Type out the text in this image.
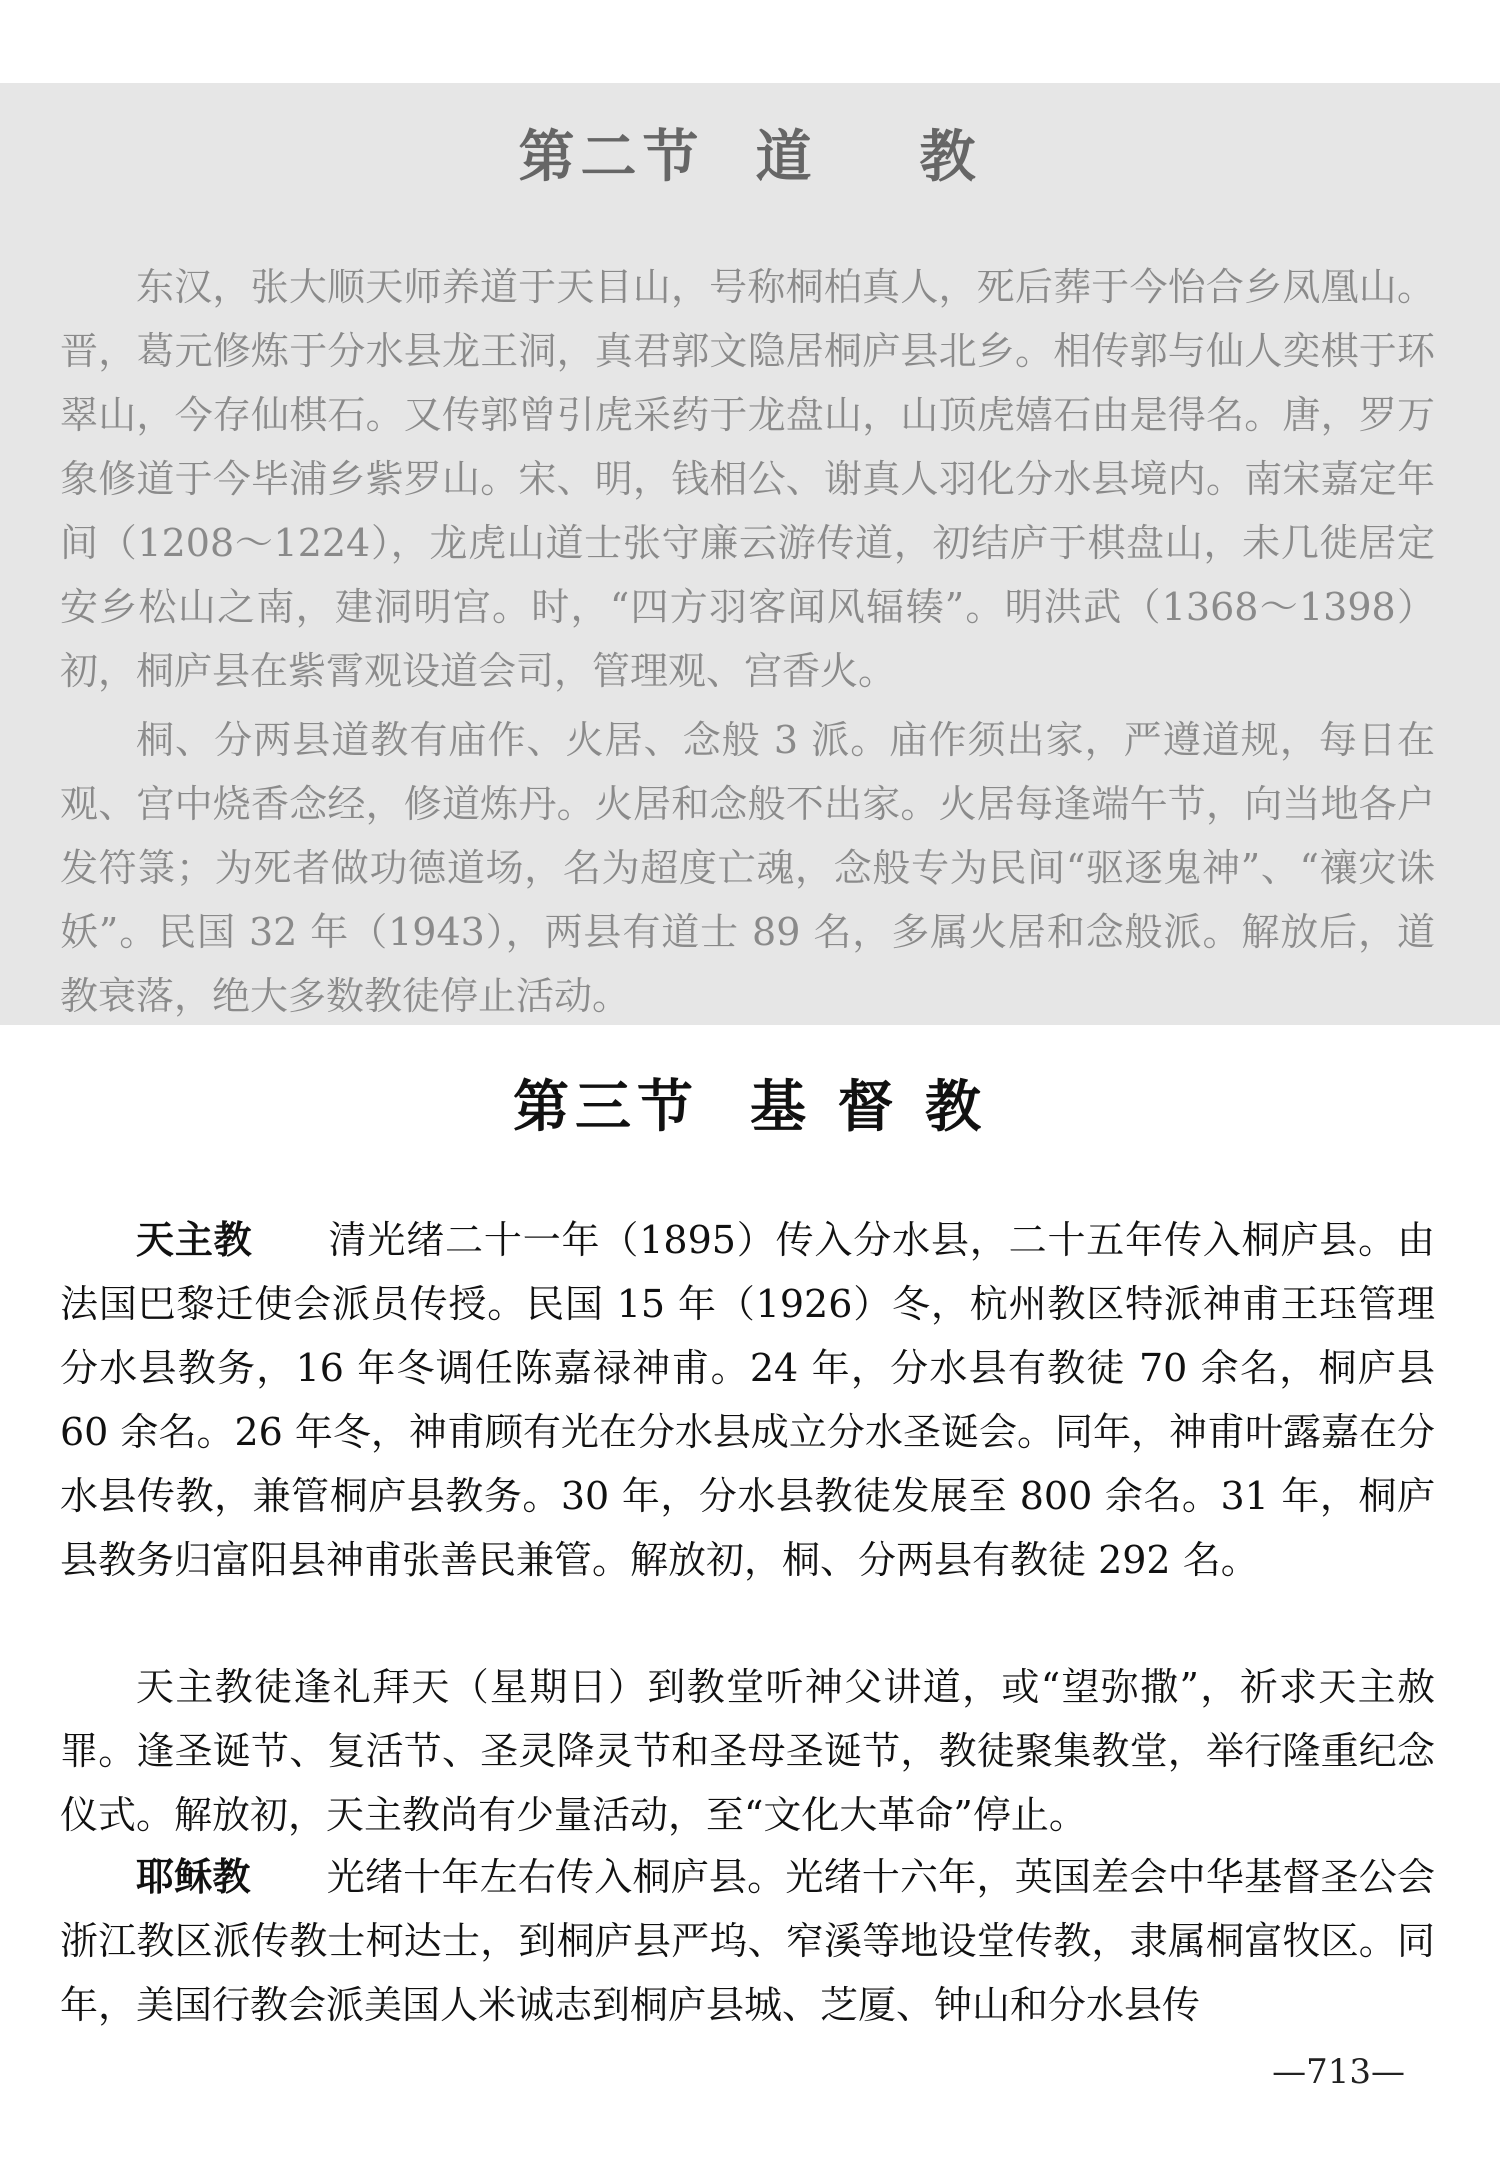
第二节  道    教

东汉，张大顺天师养道于天目山，号称桐柏真人，死后葬于今怡合乡凤凰山。晋，葛元修炼于分水县龙王洞，真君郭文隐居桐庐县北乡。相传郭与仙人奕棋于环翠山，今存仙棋石。又传郭曾引虎采药于龙盘山，山顶虎嬉石由是得名。唐，罗万象修道于今毕浦乡紫罗山。宋、明，钱相公、谢真人羽化分水县境内。南宋嘉定年间（1208～1224），龙虎山道士张守廉云游传道，初结庐于棋盘山，未几徙居定安乡松山之南，建洞明宫。时，“四方羽客闻风辐辏”。明洪武（1368～1398）初，桐庐县在紫霄观设道会司，管理观、宫香火。

桐、分两县道教有庙作、火居、念般 3 派。庙作须出家，严遵道规，每日在观、宫中烧香念经，修道炼丹。火居和念般不出家。火居每逢端午节，向当地各户发符箓；为死者做功德道场，名为超度亡魂，念般专为民间“驱逐鬼神”、“禳灾诛妖”。民国 32 年（1943），两县有道士 89 名，多属火居和念般派。解放后，道教衰落，绝大多数教徒停止活动。

第三节  基 督 教

天主教 清光绪二十一年（1895）传入分水县，二十五年传入桐庐县。由法国巴黎迁使会派员传授。民国 15 年（1926）冬，杭州教区特派神甫王珏管理分水县教务，16 年冬调任陈嘉禄神甫。24 年，分水县有教徒 70 余名，桐庐县 60 余名。26 年冬，神甫顾有光在分水县成立分水圣诞会。同年，神甫叶露嘉在分水县传教，兼管桐庐县教务。30 年，分水县教徒发展至 800 余名。31 年，桐庐县教务归富阳县神甫张善民兼管。解放初，桐、分两县有教徒 292 名。

天主教徒逢礼拜天（星期日）到教堂听神父讲道，或“望弥撒”，祈求天主赦罪。逢圣诞节、复活节、圣灵降灵节和圣母圣诞节，教徒聚集教堂，举行隆重纪念仪式。解放初，天主教尚有少量活动，至“文化大革命”停止。

耶稣教 光绪十年左右传入桐庐县。光绪十六年，英国差会中华基督圣公会浙江教区派传教士柯达士，到桐庐县严坞、窄溪等地设堂传教，隶属桐富牧区。同年，美国行教会派美国人米诚志到桐庐县城、芝厦、钟山和分水县传

—713—
